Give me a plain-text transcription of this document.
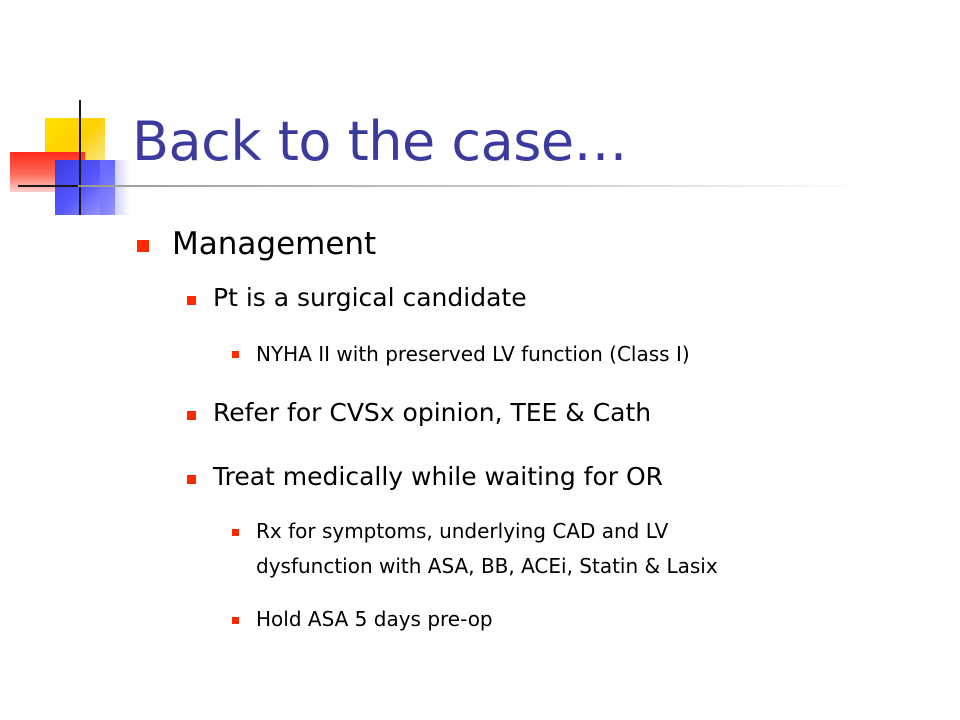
Back to the case…
Management
Pt is a surgical candidate
NYHA II with preserved LV function (Class I)
Refer for CVSx opinion, TEE & Cath
Treat medically while waiting for OR
Rx for symptoms, underlying CAD and LV
dysfunction with ASA, BB, ACEi, Statin & Lasix
Hold ASA 5 days pre-op
